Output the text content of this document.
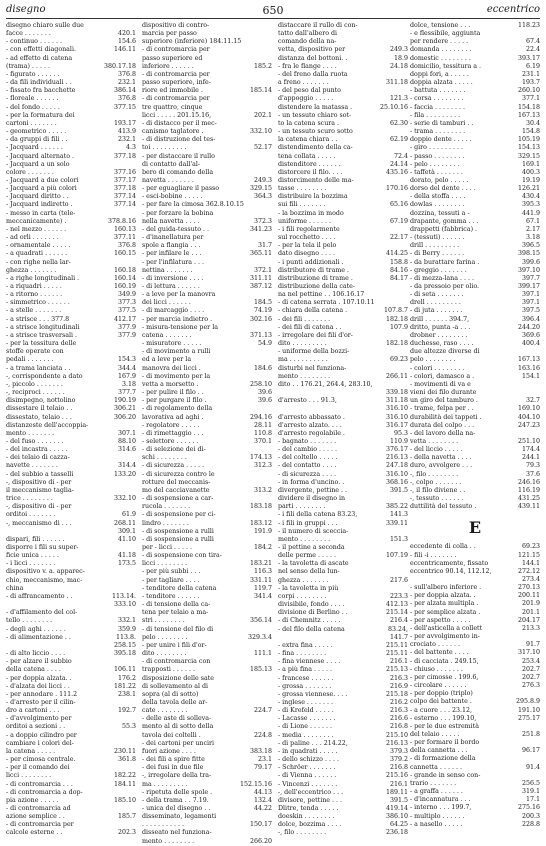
disegno	650	eccentrico
disegno chiaro sulle due
facce . . . . . . .	420.1
- continuo . . . . . .	154.6
- con effetti diagonali.	146.11
- ad effetto di catena
(trama) . . . . .	380.17.18
- figurato . . . . . .	376.8
- da fili individuali . .	232.1
- fissato fra bacchette	386.14
- floreale . . . . . .	376.8
- del fondo . . . . .	377.15
- per la formatura dei
cartoni . . . . . . .	193.17
- geometrico . . . . .	413.9
- da gruppi di fili . .	232.1
- Jacquard . . . . . .	4.3
- Jacquard alternato .	377.18
- Jacquard a un solo
colore . . . . . . .	377.16
- Jacquard a due colori	377.17
- Jacquard a più colori	377.18
- Jacquard diritto . .	377.14
- Jacquard indiretto .	377.14
- messo in carta (tele-
meccanicamente) .	378.8.16
- nel mezzo . . . . . .	160.13
- ad orli . . . . . . .	377.11
- ornamentale . . . . .	376.8
- a quadrati . . . . . .	160.15
- con righe nella lar-
ghezza . . . . . . .	160.18
- a righe longitudinali .	160.14
- a riquadri . . . . .	160.19
- a ritorno . . . . . .	349.9
- simmetrico . . . . . .	377.3
- a stelle . . . . . . .	377.5
- a strisce . . . 377.8	412.17
- a strisce longitudinali	377.9
- a strisce trasversali .	377.9
- per la tessitura delle
stoffe operate con
pedali . . . . . . .	154.3
- a trama lanciata . .	344.4
-, corrispondente a dato	167.9
-, piccolo . . . . . . .	3.18
-, reciproci . . . . . .	377.7
disimpegno, nottolino	190.19
dissestare il telaio . .	306.21
dissestato, telaio . . .	306.20
distanzeste dell'accoppia-
mento . . . . . . .	307.1
- del fuso . . . . . . .	88.10
- del incastra . . . . .	314.6
- dei telaio di cazza-
navette . . . . . . .	314.4
- del subbio a tasselli	133.20
-, dispositivo di - per
il meccanismo taglia-
trice . . . . . . . .	332.10
-, dispositivo di - per
orditoi . . . . . . .	61.9
-, meccanismo di . . .	268.11
309.1
dispari, fili . . . . . .	41.10
disporre i fili su super-
ficie unica . . . . .	41.18
- i licci . . . . . . .	173.5
dispositivo v. a. apparec-
chio, meccanismo, mac-
china
- di affrancamento . .	113.14.
333.10
- d'affilamento del col-
tello . . . . . . . .	332.1
- degli aghi . . . . . .	359.9
- di alimentazione . .	113.8.
258.15
- di alto liccio . . . .	395.18
- per alzare il subbio
della catena . . . .	106.11
- per doppia alzata. .	176.2
- d'alzata dei licci . .	181.22
- per annodare . 111.2	238.1
- d'arresto per il cilin-
dro a cartoni . . .	192.7
- d'avvolgimento per
orditoi a sezioni . .	55.3
- a doppio cilindro per
cambiare i colori del-
la catena . . . . .	230.11
- per cimosa centrale.	361.8
- per il comando dei
licci . . . . . . . .	182.22
- di contromarcia . . .	184.11
- di contromarcia a dop-
pia azione . . . . .	185.10
- di contromarcia ad
azione semplice . .	185.7
- di contromarcia per
calcole esterne . .	202.3
dispositivo di contro-
marcia per passo
superiore (inferiore) 184.11.15
- di contromarcia per
passo superiore ed
inferiore . . . . . .	185.2
- di contromarcia per
passo superiore, infe-
riore ed immobile .	185.14
- di contromarcia per
tre quattro, cinque
licci . . . . . 201.15.16,	202.1
- di distacco per il mec-
canismo taglatore .	332.10
- di distruzione del tes-
toi . . . . . . . . .	52.17
- per distaccare il rullo
di contatto dall'al-
bero di comando della
navetta . . . . . . .	249.3
- per eguagliare il passo	329.15
- esci-bobine . . . . .	364.3
- per fare la cimosa 362.8.10.15
- per forzare la bobina
nella navetta . . . .	372.3
- del guida-tessuto . .	341.23
- d'inanellatura per
spole a flangia . . .	31.7
- per infilare le . . .	365.11
- per l'infilatura . . .
nettina . . . . . . .	372.1
- di inversione . . . .	311.11
- di lettura . . . . . .	387.12
- a leve per la manovra
dei licci . . . . . .	184.5
- di marcaggio . . . .	74.19
- per marcia indietro .	302.16
- misura-tensione per la
catena . . . . . . .	371.13
- misuratore . . . . .	54.9
- di movimento a rulli
ed a leve per la
manovra dei licci .	184.6
- di movimento per la
vetta a morsetto .	258.10
- per pulire il filo . .	39.6
- per purgare il filo .	39.6
- di regolamento della
lavorativa ad aghi .	294.16
- regolatore . . . . .	28.11
- di rimettaggio . . .	110.8
- selettore . . . . . .	370.1
- di selezione dei di-
schi . . . . . . . .	174.13
- di sicurezza . . . . .	312.3
- di sicurezza contro le
rotture del meccanis-
mo del cacciavanette	313.2
- di sospensione a car-
rucola . . . . . . .	183.18
- di sospensione per ci-
lindro . . . . . . .	183.12
- di sospensione a rulli	191.9
- di sospensione a rulli
per - licci . . . . .	184.2
- di sospensione con tira-
licci . . . . . . . .	183.21
- per più subbi . . .	116.3
- per tagliare . . . .	331.11
- tenditore della catena	119.7
- tenditore . . . . . .	341.4
- di tensione della ca-
tena per telaio a ma-
stri . . . . . . . .	356.14
- di tensione del filo di
pelo . . . . . . . .	329.3.4
- per unire i fili d'or-
dito . . . . . . . .	111.1
- di contromarcia con
trapposti . . . . . .	185.13
disposizione delle sate
di sollevamento al di
sopra (al di sotto)
della tavola delle ar-
cate . . . . . . . .	224.7
- delle aste di solleva-
mento al di sotto della
tavola dei coltelli .	224.8
- dei cartoni per unciri
fuori azione . . . .	383.18
- dei fili a spire fitte	23.1
- dei fusi in due file	79.17
-, irregolare della tra-
ma . . . . . . . . .	152.15.16
- ripetuta delle spole .	44.13
- della trama . . 7.19.	132.4
- unica del disegno . .	44.22
disseminato, legamenti
. . . . . . . . . . .	150.17
disseato nel funziona-
mento . . . . . . . .	266.20
distaccare il rullo di con-
tatto dall'albero di
comando della na-
vetta, dispositivo per	249.3
distanza del bottoni. .	18.9
- fra le flange . . . .	24.18
- del freno dalla ruota
a freno . . . . . . .	311.18
- del peso dal punto
d'appoggio . . . . .	121.3
distendere la matassa .	25.10.16
- un tessuto chiaro sot-
to la catena scura .	62.30
- un tessuto scuro sotto
la catena chiara . .	62.19
distendimento della ca-
tena collata . . . . .	72.4
distenditore . . . . . .	24.14
distorcere il filo. . . .	435.16
distorcimento delle ma-
tasse . . . . . . . .	170.16
distribuire la bozzima
sui fili . . . . . . .	65.16
- la bozzima in modo
uniforme . . . . . .	67.19
- i fili regolarmente
sul rocchetto . . . .	22.17
- per la tela il pelo
dato disegno . . . .	414.25
- i punti addizionali .	158.8
distributore di trame .	84.16
distribuzione di trame .	84.17
distribuzione della cate-
na nel pettine . . 106.16.17
- di catena serrata . 107.10.11
- chiara della catena .	107.8.7
- dei fili . . . . . . .	182.18
- dei fili di catena . .	107.9
- irregolare dei fili d'or-
dito . . . . . . . . .	182.18
- uniforme della bozzi-
ma . . . . . . . . . .	69.23
disturbi nel funziona-
mento . . . . . . . .	266.11
dito . . 176.21, 264.4, 283.10,
339.18
d'arresto . . . 91.3,	311.18
316.10
d'arresto abbassato .	316.10
d'arresto alzato. . . .	316.17
d'arresto regolabile .	95.3
- bagnato . . . . . . .	110.9
- del cambio . . . . .	376.17
- del coltello . . . . .	216.13
- del contatto . . . .	247.18
- di sicurezza . . . .	316.10
- in forma d'uncino. .	368.16
divergente, pettine . .	391.5
dividere il disegno in
parti . . . . . . . .	385.22
- i fili della catena 83.23,	141.3
- i fili in gruppi . . .	339.11
- il numero di sceccia-
mento . . . . . . . .	151.3
- il pettine a seconda
delle perme . . . . .	107.19
- la tavoletta di ascate
nel senso della lun-
ghezza . . . . . . .	217.6
- la tavoletta in più
corpi . . . . . . . .	223.3
divisibile, fondo . . . .	412.13
divisione di Berlino . .	215.14
- di Chemnitz . . . . .	216.4
- del filo della catena	83.24,
141.7
- extra fina . . . . .	215.11
- fina . . . . . . . .	215.11
- fina viennese . . . .	216.1
- a più fina . . . . .	215.13
- francese . . . . . .	216.3
- grossa . . . . . . .	216.9
- grossa viennese. . . .	215.18
- inglese . . . . . . .	216.2
- di Krefeld . . . . .	216.3
- Lacasse . . . . . . .	216.6
- di Lione . . . . . .	216.8
- media . . . . . . . .	215.10
- di paline . . . 214.22,	216.13
- in quadrati . . . . .	379.3
- dello schizzo . . . .	379.2
- Schröer . . . . . . .	216.8
- di Vienna . . . . . .	215.16
- Vincenzi . . . . . . .	216.1
-, dell'eccentrico . . .	189.11
divisore, pettine . . .	391.5
Dlitre, tenda . . . . .	419.14
doeskin . . . . . . . .	386.10
dolce, bozzima . . . .	64.25
-, filo . . . . . . . .	236.18
dolce, tensione . . .	118.23
- e flessibile, aggiunta
per rendere . . . . .	67.4
domanda . . . . . . . .	22.4
domestic . . . . . . . .	393.17
domicilio, tessitura a .	6.19
doppi fori, a . . . . .	231.1
doppia alzata . . . . .	193.7
- battuta . . . . . . .	260.10
- corsa . . . . . . . .	377.1
- faccia . . . . . . . .	154.18
- fila . . . . . . . . .	167.13
- serie di tamburi . .	30.4
- trama . . . . . . . .	154.8
doppio dente . . . . .	105.19
- giro . . . . . . . . .	154.13
- passo . . . . . . . .	329.15
- pelo . . . . . . . .	169.1
- taffetà . . . . . . .	400.3
dorato, pelo . . . . .	19.19
dorso del dente . . . .	126.21
- della stoffa . . . .	430.4
dowlas . . . . . . . .	395.3
dozzina, tessuti a -	441.9
drapante, gomma . . .	67.1
drappetti (fabbrica) .	2.17
- (tessuti) . . . . . .	3.18
drill . . . . . . . . .	396.5
- di Berry . . . . . .	398.15
- da burattare farina .	399.6
- greggio . . . . . . .	397.10
- di mezza-lana . . . .	397.7
- da pressoio per olio.	399.17
- di seta . . . . . . .	397.1
drell . . . . . . . . .	397.1
- di juta . . . . . . .	397.5
drill . . . . . . 394.7,	396.4
dritto, punta -a . . .	244.20
drobner . . . . . . . .	369.6
duchesse, raso . . . .	400.4
due altezze diverse di
pelo . . . . . . . .	167.13
- colori . . . . . . . .	163.16
- colori, damasco a .	154.1
- movimenti di va e
vieni dei filo durante
un giro del tamburo .	32.7
- trame, felpa per . .	169.10
durabilità dei tappeti .	404.10
durata del colpo . . .	247.23
- del lavoro della na-
vetta . . . . . . . .	251.10
- del liccio . . . . .	174.4
- della navetta . . . .	244.1
duro, avvolgere . . .	79.3
-, filo . . . . . . . .	37.6
-, colpo . . . . . . .	246.16
-, il filo diviene . .	116.19
-, tessuto . . . . . .	431.25
duttilità del tessuto .	439.11
E
eccedente di colla . .	69.23
- fili -i . . . . . . .	121.15
eccentricamente, fissato	144.1
eccentrico 90.14, 112.12,	272.12
273.4
- sull'albero inferiore .	270.13
- per doppia alzata. .	200.11
- per alzata multipla .	201.9
- per semplice alzata .	201.1
- per aspetto . . . . .	204.17
- dell'asticella a collett	213.3
- per avvolgimento in-
crociato . . . . . .	91.7
- del battente . . . .	317.10
- di cacciata . 249.15,	253.4
- chiuso . . . . . . .	202.7
- per cimosse . 199.6,	202.7
- circolare . . . . . .	276.3
- per doppio (triplo)
colpo dei battente .	295.8.9
- a cuore . . . 23.12,	191.10
- esterno . . . 199.10,	275.17
- per le due estremità
del telaio . . . . .	251.8
- per formare il bordo
della cannetta . . .	96.17
- di formazione della
cannetta . . . . . .	91.4
- grande in senso con-
trario . . . . . . .	256.5
- a graffa . . . . . .	319.1
- d'incannatura . . .	17.1
- interno . . . 199.7,	275.16
- multiplo . . . . . .	200.3
- a nasello . . . . .	228.8
